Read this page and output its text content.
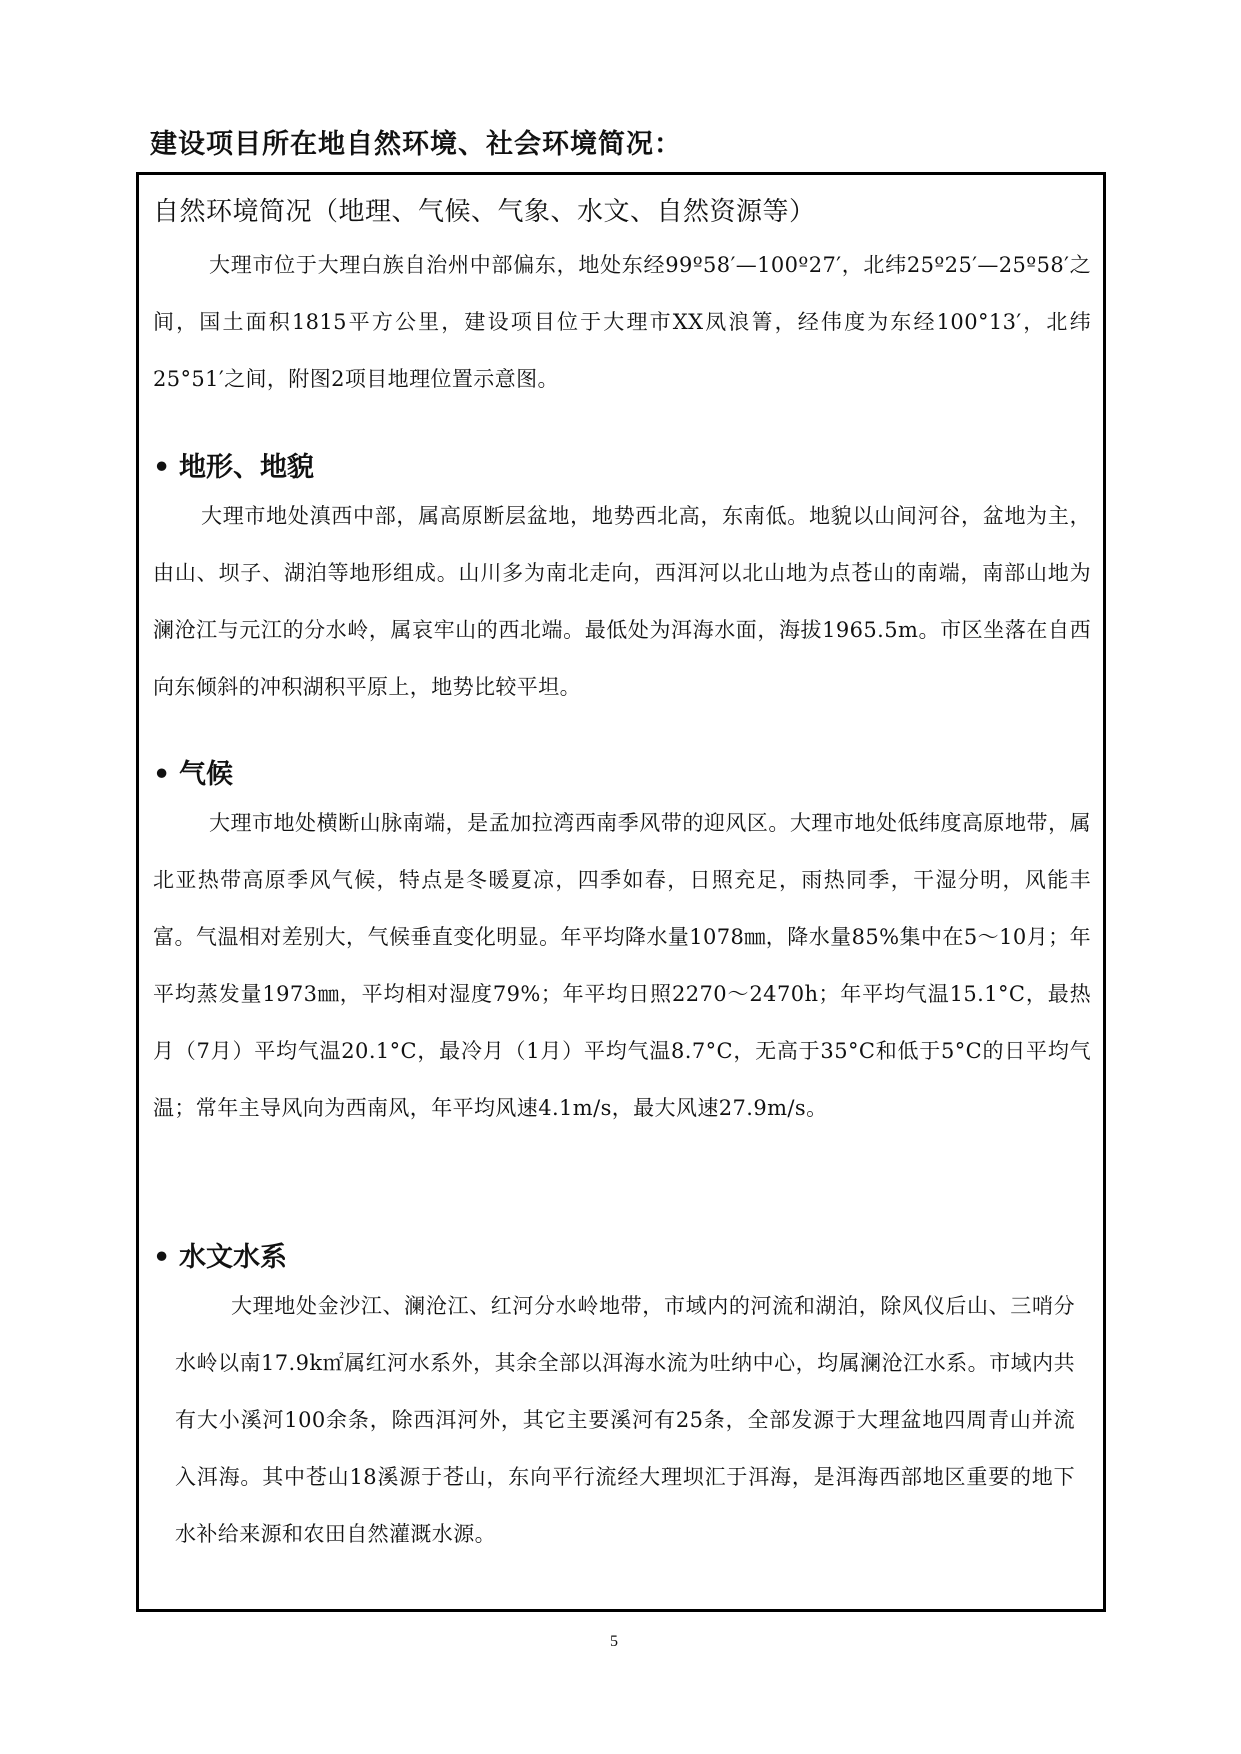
建设项目所在地自然环境、社会环境简况：
自然环境简况（地理、气候、气象、水文、自然资源等）
大理市位于大理白族自治州中部偏东，地处东经99º58′—100º27′，北纬25º25′—25º58′之间，国土面积1815平方公里，建设项目位于大理市XX凤浪箐，经伟度为东经100°13′，北纬25°51′之间，附图2项目地理位置示意图。
• 地形、地貌
大理市地处滇西中部，属高原断层盆地，地势西北高，东南低。地貌以山间河谷，盆地为主，由山、坝子、湖泊等地形组成。山川多为南北走向，西洱河以北山地为点苍山的南端，南部山地为澜沧江与元江的分水岭，属哀牢山的西北端。最低处为洱海水面，海拔1965.5m。市区坐落在自西向东倾斜的冲积湖积平原上，地势比较平坦。
• 气候
大理市地处横断山脉南端，是孟加拉湾西南季风带的迎风区。大理市地处低纬度高原地带，属北亚热带高原季风气候，特点是冬暖夏凉，四季如春，日照充足，雨热同季，干湿分明，风能丰富。气温相对差别大，气候垂直变化明显。年平均降水量1078㎜，降水量85%集中在5～10月；年平均蒸发量1973㎜，平均相对湿度79%；年平均日照2270～2470h；年平均气温15.1°C，最热月（7月）平均气温20.1°C，最冷月（1月）平均气温8.7°C，无高于35°C和低于5°C的日平均气温；常年主导风向为西南风，年平均风速4.1m/s，最大风速27.9m/s。
• 水文水系
大理地处金沙江、澜沧江、红河分水岭地带，市域内的河流和湖泊，除风仪后山、三哨分水岭以南17.9k㎡属红河水系外，其余全部以洱海水流为吐纳中心，均属澜沧江水系。市域内共有大小溪河100余条，除西洱河外，其它主要溪河有25条，全部发源于大理盆地四周青山并流入洱海。其中苍山18溪源于苍山，东向平行流经大理坝汇于洱海，是洱海西部地区重要的地下水补给来源和农田自然灌溉水源。
5
